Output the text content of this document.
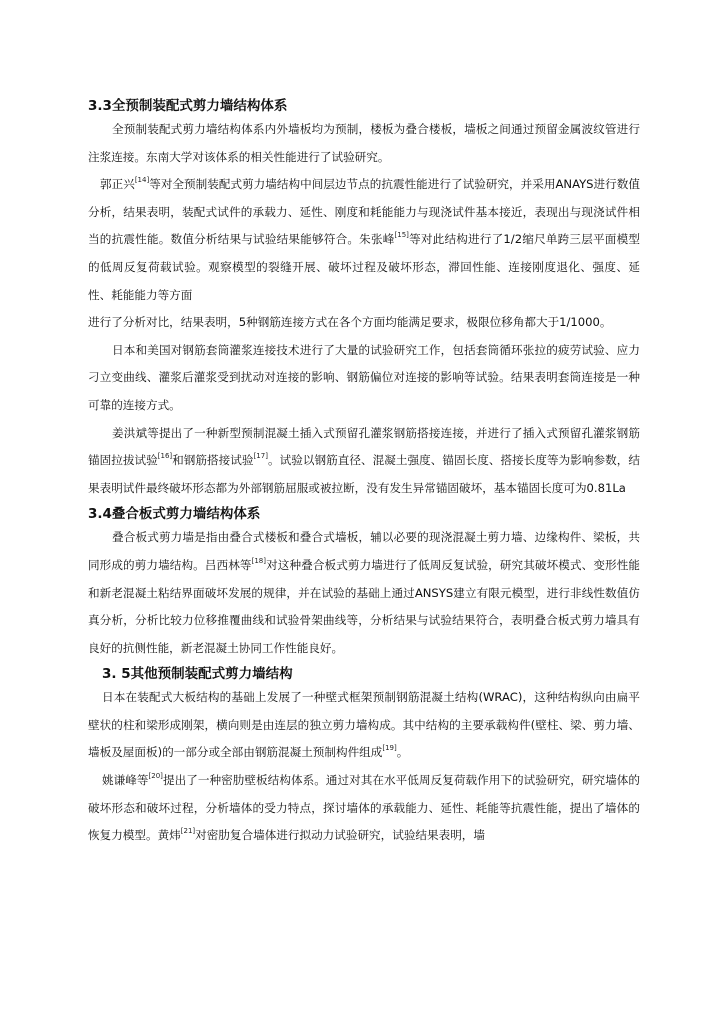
3.3全预制装配式剪力墙结构体系

全预制装配式剪力墙结构体系内外墙板均为预制，楼板为叠合楼板，墙板之间通过预留金属波纹管进行注浆连接。东南大学对该体系的相关性能进行了试验研究。

郭正兴[14]等对全预制装配式剪力墙结构中间层边节点的抗震性能进行了试验研究，并采用ANAYS进行数值分析，结果表明，装配式试件的承载力、延性、刚度和耗能能力与现浇试件基本接近，表现出与现浇试件相当的抗震性能。数值分析结果与试验结果能够符合。朱张峰[15]等对此结构进行了1/2缩尺单跨三层平面模型的低周反复荷载试验。观察模型的裂缝开展、破坏过程及破坏形态，滞回性能、连接刚度退化、强度、延性、耗能能力等方面

进行了分析对比，结果表明，5种钢筋连接方式在各个方面均能满足要求，极限位移角都大于1/1000。

日本和美国对钢筋套筒灌浆连接技术进行了大量的试验研究工作，包括套筒循环张拉的疲劳试验、应力刁立变曲线、灌浆后灌浆受到扰动对连接的影响、钢筋偏位对连接的影响等试验。结果表明套筒连接是一种可靠的连接方式。

姜洪斌等提出了一种新型预制混凝土插入式预留孔灌浆钢筋搭接连接，并进行了插入式预留孔灌浆钢筋锚固拉拔试验[16]和钢筋搭接试验[17]。试验以钢筋直径、混凝土强度、锚固长度、搭接长度等为影响参数，结果表明试件最终破坏形态都为外部钢筋屈服或被拉断，没有发生异常锚固破坏，基本锚固长度可为0.81La

3.4叠合板式剪力墙结构体系

叠合板式剪力墙是指由叠合式楼板和叠合式墙板，辅以必要的现浇混凝土剪力墙、边缘构件、梁板，共同形成的剪力墙结构。吕西林等[18]对这种叠合板式剪力墙进行了低周反复试验，研究其破坏模式、变形性能和新老混凝土粘结界面破坏发展的规律，并在试验的基础上通过ANSYS建立有限元模型，进行非线性数值仿真分析，分析比较力位移推覆曲线和试验骨架曲线等，分析结果与试验结果符合，表明叠合板式剪力墙具有良好的抗侧性能，新老混凝土协同工作性能良好。

3. 5其他预制装配式剪力墙结构

日本在装配式大板结构的基础上发展了一种壁式框架预制钢筋混凝土结构(WRAC)，这种结构纵向由扁平壁状的柱和梁形成刚架，横向则是由连层的独立剪力墙构成。其中结构的主要承载构件(壁柱、梁、剪力墙、墙板及屋面板)的一部分或全部由钢筋混凝土预制构件组成[19]。

姚谦峰等[20]提出了一种密肋壁板结构体系。通过对其在水平低周反复荷载作用下的试验研究，研究墙体的破坏形态和破坏过程，分析墙体的受力特点，探讨墙体的承载能力、延性、耗能等抗震性能，提出了墙体的恢复力模型。黄炜[21]对密肋复合墙体进行拟动力试验研究，试验结果表明，墙
